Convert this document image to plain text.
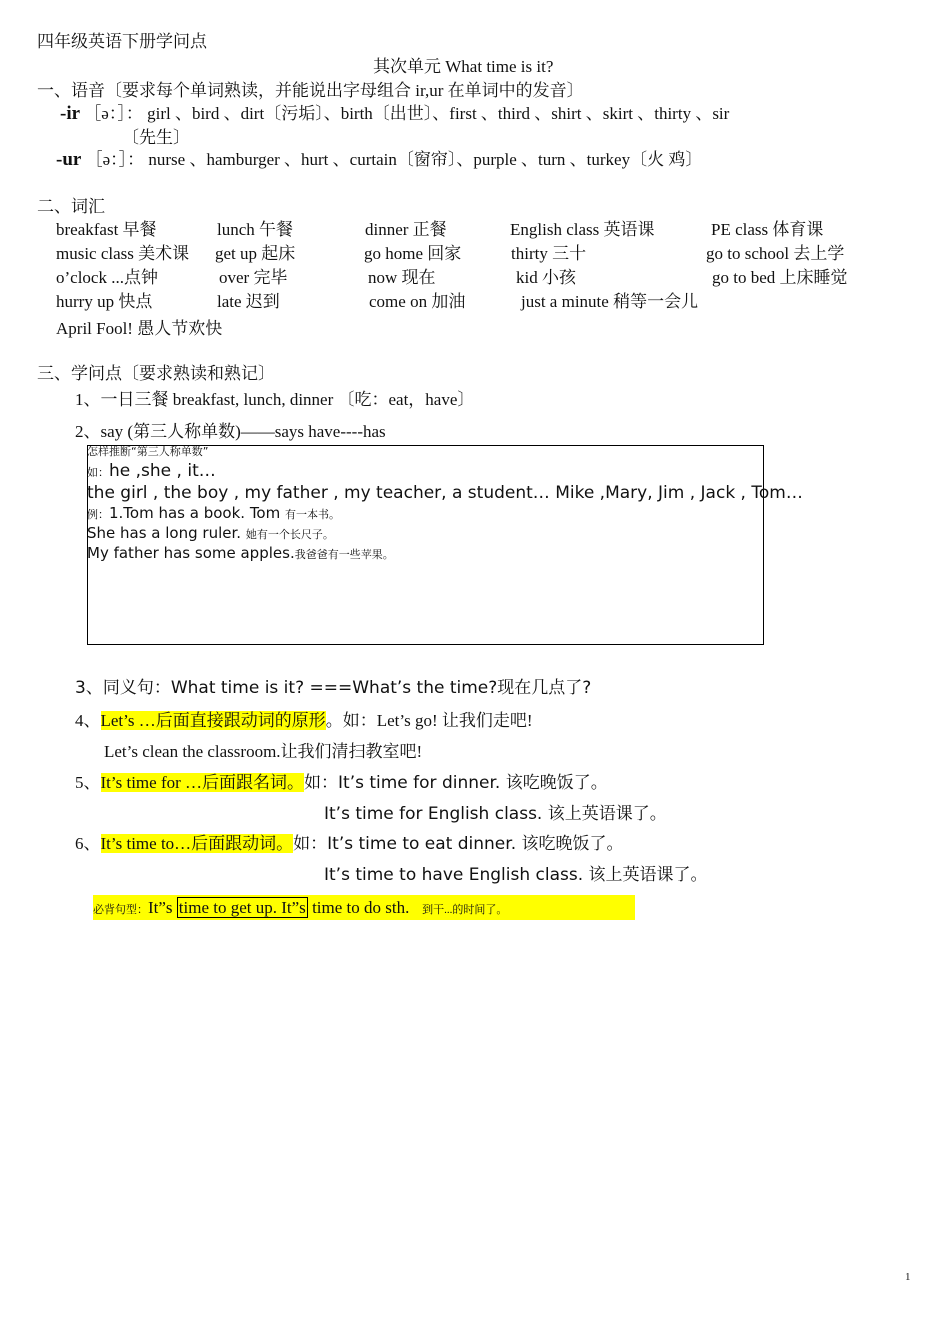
四年级英语下册学问点
其次单元 What time is it?
一、语音〔要求每个单词熟读，并能说出字母组合 ir,ur 在单词中的发音〕
-ir ［ə：］： girl 、bird 、dirt〔污垢〕、birth〔出世〕、first 、third 、shirt 、skirt 、thirty 、sir
〔先生〕
-ur ［ə：］： nurse 、hamburger 、hurt 、curtain〔窗帘〕、purple 、turn 、turkey〔火 鸡〕
二、词汇
breakfast 早餐	lunch 午餐	dinner 正餐	English class 英语课	PE class 体育课
music class 美术课 get up 起床	go home 回家	thirty 三十	go to school 去上学
o’clock ...点钟	over 完毕	now 现在	kid 小孩	go to bed 上床睡觉
hurry up 快点	late 迟到	come on 加油	just a minute 稍等一会儿
April Fool! 愚人节欢快
三、学问点〔要求熟读和熟记〕
1、一日三餐 breakfast, lunch, dinner 〔吃：eat，have〕
2、say (第三人称单数)——says have----has
怎样推断“第三人称单数”
如：he ,she , it…
the girl , the boy , my father , my teacher, a student… Mike ,Mary, Jim , Jack , Tom…
例：1.Tom has a book. Tom 有一本书。
She has a long ruler. 她有一个长尺子。
My father has some apples.我爸爸有一些苹果。
3、同义句：What time is it? ===What’s the time?现在几点了?
4、Let’s …后面直接跟动词的原形。如：Let’s go! 让我们走吧!
Let’s clean the classroom.让我们清扫教室吧!
5、It’s time for …后面跟名词。如：It’s time for dinner. 该吃晚饭了。
It’s time for English class. 该上英语课了。
6、It’s time to…后面跟动词。如：It’s time to eat dinner. 该吃晚饭了。
It’s time to have English class. 该上英语课了。
必背句型：It”s time to get up. It”s time to do sth. 到干...的时间了。
1
